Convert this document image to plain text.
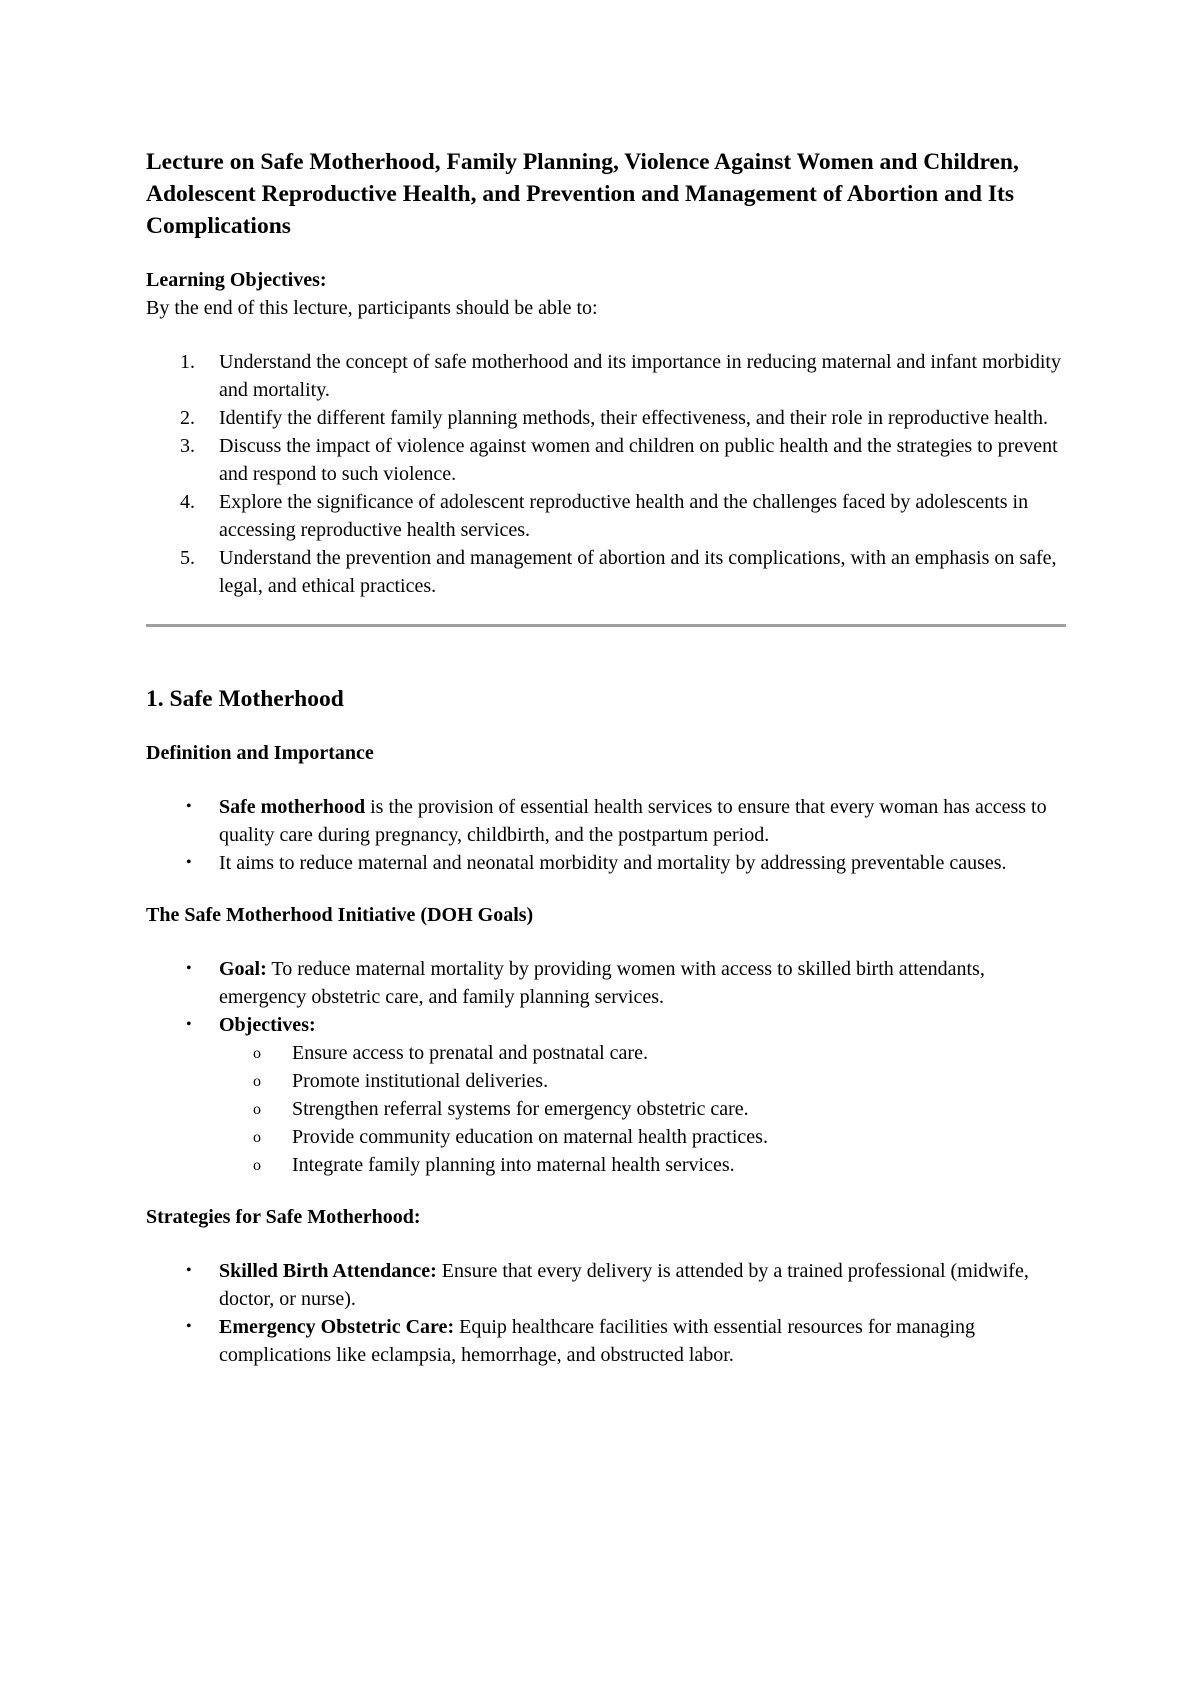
Lecture on Safe Motherhood, Family Planning, Violence Against Women and Children, Adolescent Reproductive Health, and Prevention and Management of Abortion and Its Complications

Learning Objectives:

By the end of this lecture, participants should be able to:

1. Understand the concept of safe motherhood and its importance in reducing maternal and infant morbidity and mortality.
2. Identify the different family planning methods, their effectiveness, and their role in reproductive health.
3. Discuss the impact of violence against women and children on public health and the strategies to prevent and respond to such violence.
4. Explore the significance of adolescent reproductive health and the challenges faced by adolescents in accessing reproductive health services.
5. Understand the prevention and management of abortion and its complications, with an emphasis on safe, legal, and ethical practices.
1. Safe Motherhood

Definition and Importance

• Safe motherhood is the provision of essential health services to ensure that every woman has access to quality care during pregnancy, childbirth, and the postpartum period.
• It aims to reduce maternal and neonatal morbidity and mortality by addressing preventable causes.

The Safe Motherhood Initiative (DOH Goals)

• Goal: To reduce maternal mortality by providing women with access to skilled birth attendants, emergency obstetric care, and family planning services.
• Objectives:
o Ensure access to prenatal and postnatal care.
o Promote institutional deliveries.
o Strengthen referral systems for emergency obstetric care.
o Provide community education on maternal health practices.
o Integrate family planning into maternal health services.

Strategies for Safe Motherhood:

• Skilled Birth Attendance: Ensure that every delivery is attended by a trained professional (midwife, doctor, or nurse).
• Emergency Obstetric Care: Equip healthcare facilities with essential resources for managing complications like eclampsia, hemorrhage, and obstructed labor.
